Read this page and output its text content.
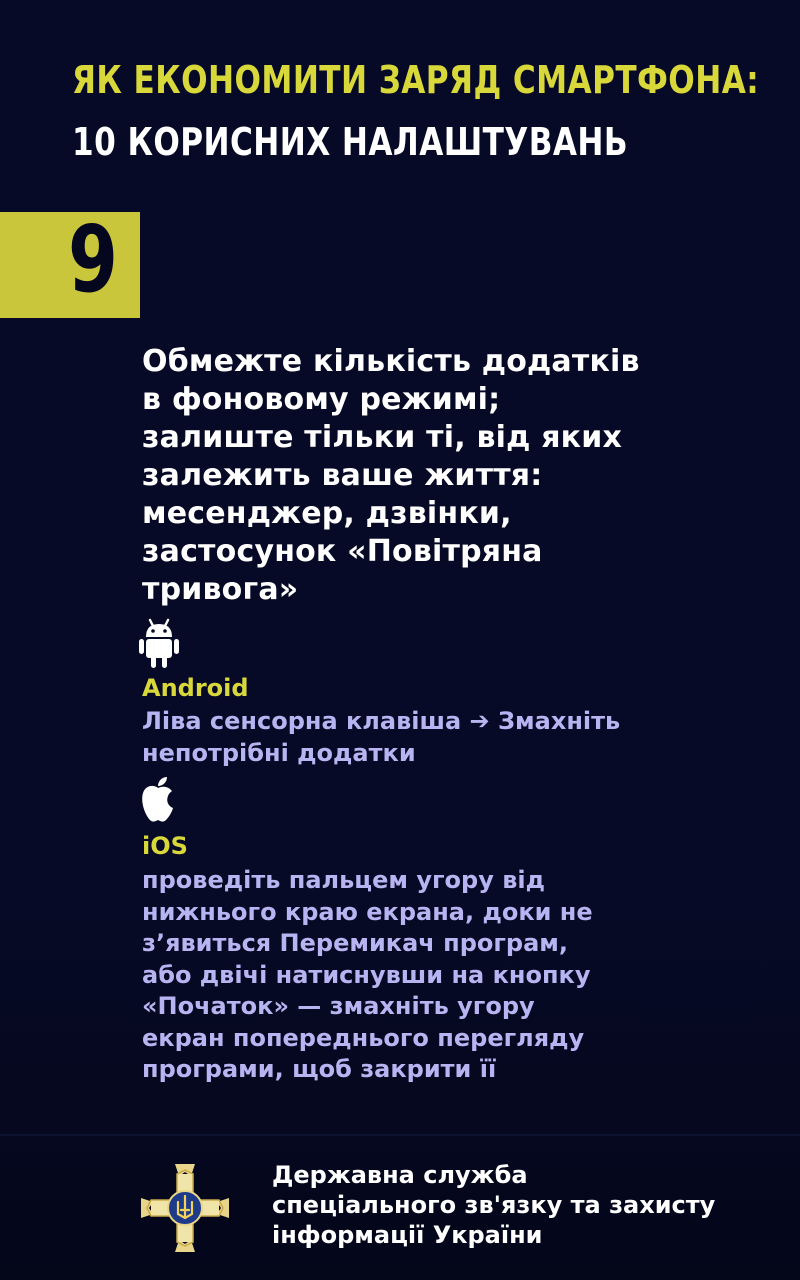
ЯК ЕКОНОМИТИ ЗАРЯД СМАРТФОНА:
10 КОРИСНИХ НАЛАШТУВАНЬ
9
Обмежте кількість додатків
в фоновому режимі;
залиште тільки ті, від яких
залежить ваше життя:
месенджер, дзвінки,
застосунок «Повітряна
тривога»
Android
Ліва сенсорна клавіша ➔ Змахніть
непотрібні додатки
iOS
проведіть пальцем угору від
нижнього краю екрана, доки не
з’явиться Перемикач програм,
або двічі натиснувши на кнопку
«Початок» — змахніть угору
екран попереднього перегляду
програми, щоб закрити її
Державна служба
спеціального зв'язку та захисту
інформації України
